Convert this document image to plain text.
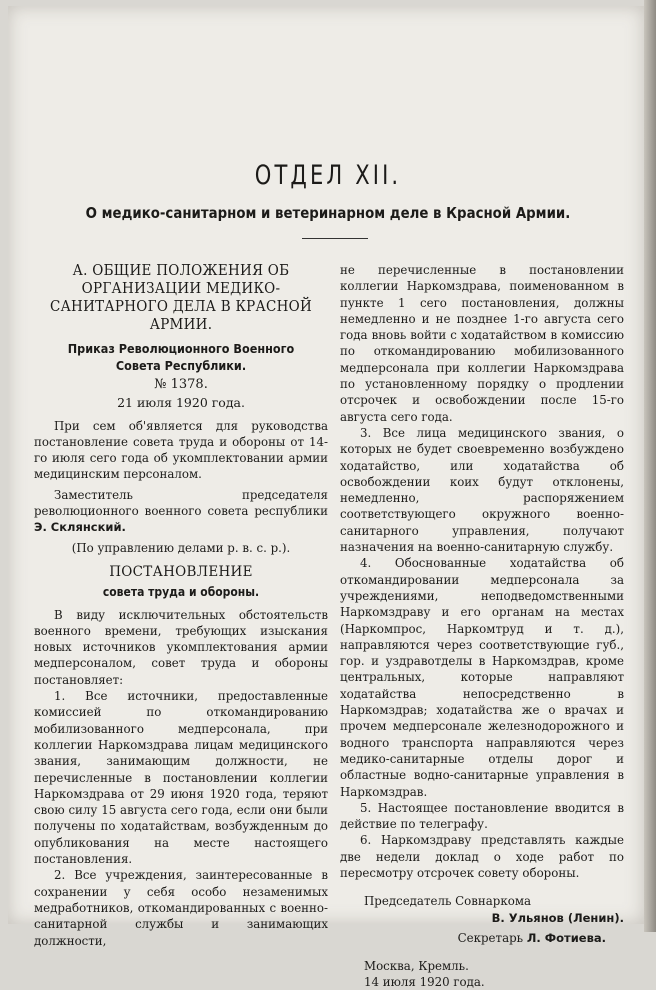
ОТДЕЛ XII.
О медико-санитарном и ветеринарном деле в Красной Армии.

А. ОБЩИЕ ПОЛОЖЕНИЯ ОБ ОРГАНИЗАЦИИ МЕДИКО-САНИТАРНОГО ДЕЛА В КРАСНОЙ АРМИИ.

Приказ Революционного Военного Совета Республики.

№ 1378.

21 июля 1920 года.

При сем об'является для руководства постановление совета труда и обороны от 14-го июля сего года об укомплектовании армии медицинским персоналом.

Заместитель председателя революционного военного совета республики Э. Склянский.

(По управлению делами р. в. с. р.).

ПОСТАНОВЛЕНИЕ

совета труда и обороны.

В виду исключительных обстоятельств военного времени, требующих изыскания новых источников укомплектования армии медперсоналом, совет труда и обороны постановляет:

1. Все источники, предоставленные комиссией по откомандированию мобилизованного медперсонала, при коллегии Наркомздрава лицам медицинского звания, занимающим должности, не перечисленные в постановлении коллегии Наркомздрава от 29 июня 1920 года, теряют свою силу 15 августа сего года, если они были получены по ходатайствам, возбужденным до опубликования на месте настоящего постановления.

2. Все учреждения, заинтересованные в сохранении у себя особо незаменимых медработников, откомандированных с военно-санитарной службы и занимающих должности,

не перечисленные в постановлении коллегии Наркомздрава, поименованном в пункте 1 сего постановления, должны немедленно и не позднее 1-го августа сего года вновь войти с ходатайством в комиссию по откомандированию мобилизованного медперсонала при коллегии Наркомздрава по установленному порядку о продлении отсрочек и освобождении после 15-го августа сего года.

3. Все лица медицинского звания, о которых не будет своевременно возбуждено ходатайство, или ходатайства об освобождении коих будут отклонены, немедленно, распоряжением соответствующего окружного военно-санитарного управления, получают назначения на военно-санитарную службу.

4. Обоснованные ходатайства об откомандировании медперсонала за учреждениями, неподведомственными Наркомздраву и его органам на местах (Наркомпрос, Наркомтруд и т. д.), направляются через соответствующие губ., гор. и уздравотделы в Наркомздрав, кроме центральных, которые направляют ходатайства непосредственно в Наркомздрав; ходатайства же о врачах и прочем медперсонале железнодорожного и водного транспорта направляются через медико-санитарные отделы дорог и областные водно-санитарные управления в Наркомздрав.

5. Настоящее постановление вводится в действие по телеграфу.

6. Наркомздраву представлять каждые две недели доклад о ходе работ по пересмотру отсрочек совету обороны.

Председатель Совнаркома
В. Ульянов (Ленин).
Секретарь Л. Фотиева.

Москва, Кремль.
14 июля 1920 года.
